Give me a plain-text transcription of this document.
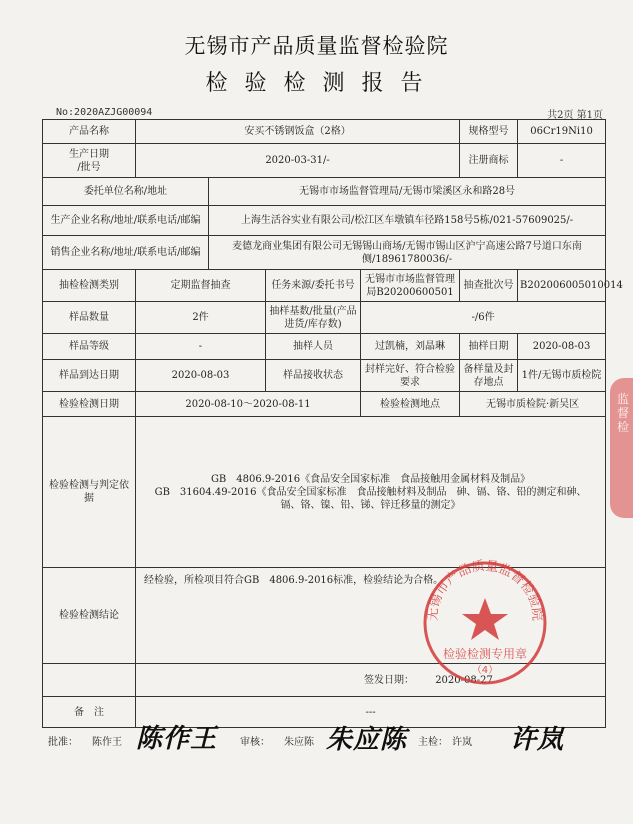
无锡市产品质量监督检验院
检验检测报告
No:2020AZJG00094	共2页 第1页
产品名称	安买不锈钢饭盒（2格）				规格型号	06Cr19Ni10
生产日期
/批号	2020-03-31/-				注册商标	-
委托单位名称/地址		无锡市市场监督管理局/无锡市梁溪区永和路28号				
生产企业名称/地址/联系电话/邮编		上海生活谷实业有限公司/松江区车墩镇车径路158号5栋/021-57609025/-				
销售企业名称/地址/联系电话/邮编		麦德龙商业集团有限公司无锡锡山商场/无锡市锡山区沪宁高速公路7号道口东南侧/18961780036/-				
抽检检测类别	定期监督抽查		任务来源/委托书号	无锡市市场监督管理局B20200600501	抽查批次号	B202006005010014
样品数量	2件		抽样基数/批量(产品进货/库存数)	-/6件		
样品等级	-		抽样人员	过凯楠，刘晶琳	抽样日期	2020-08-03
样品到达日期	2020-08-03		样品接收状态	封样完好、符合检验要求	备样量及封存地点	1件/无锡市质检院
检验检测日期	2020-08-10～2020-08-11			检验检测地点	无锡市质检院·新吴区	
检验检测与判定依据	GB　4806.9-2016《食品安全国家标准　食品接触用金属材料及制品》
GB　31604.49-2016《食品安全国家标准　食品接触材料及制品　砷、镉、铬、铅的测定和砷、
镉、铬、镍、铅、锑、锌迁移量的测定》					

检验检测结论	经检验，所检项目符合GB　4806.9-2016标准，检验结论为合格。					

	签发日期： 2020-08-27					
备　注	---					
无锡市产品质量监督检验院
检验检测专用章
（4）
监督检
批准： 陈作王 陈作王 审核： 朱应陈 朱应陈 主检： 许岚 许岚
